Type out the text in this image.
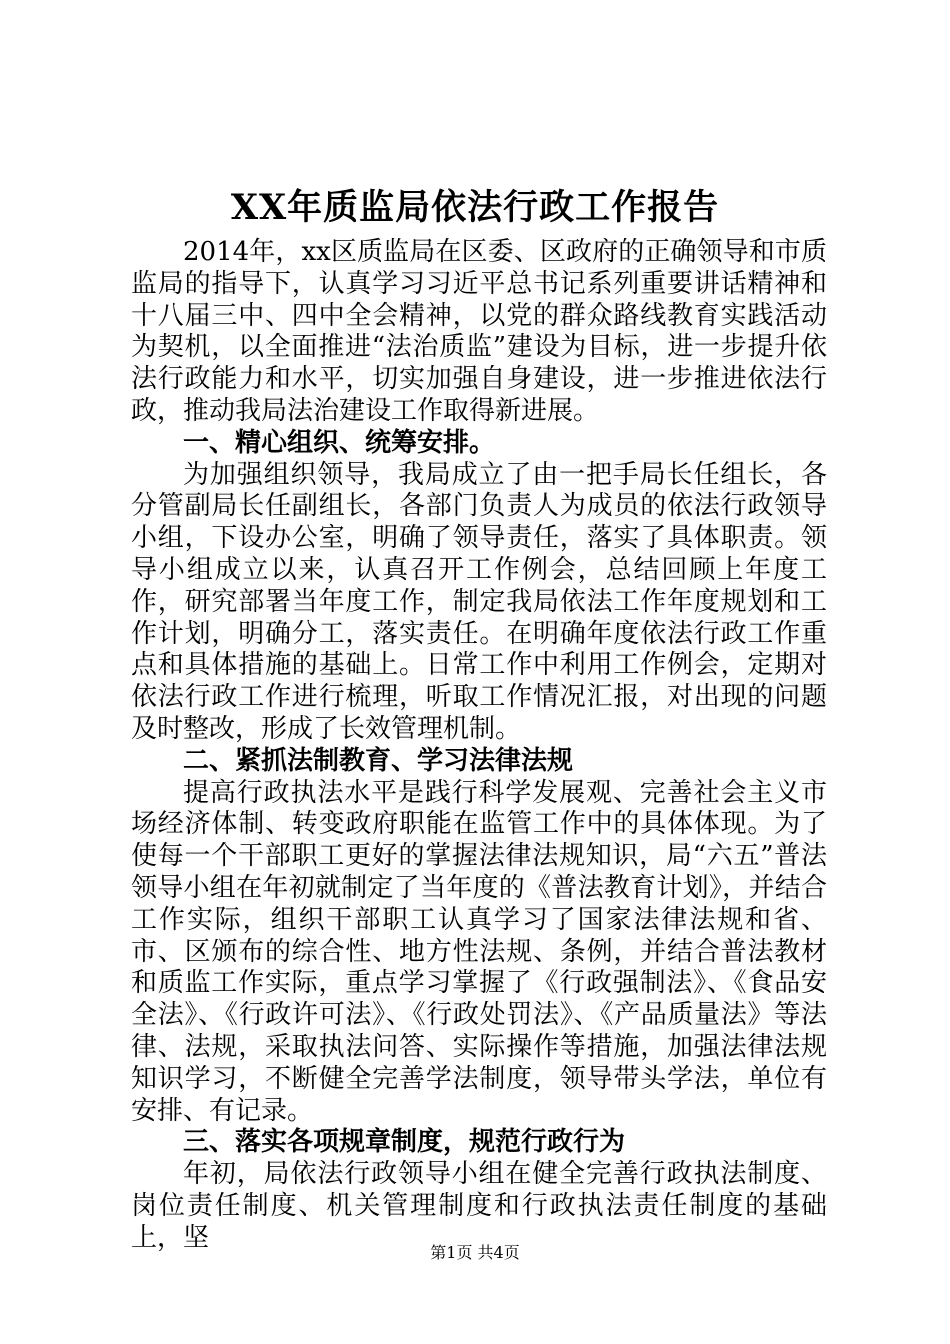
XX年质监局依法行政工作报告

2014年，xx区质监局在区委、区政府的正确领导和市质监局的指导下，认真学习习近平总书记系列重要讲话精神和十八届三中、四中全会精神，以党的群众路线教育实践活动为契机，以全面推进“法治质监”建设为目标，进一步提升依法行政能力和水平，切实加强自身建设，进一步推进依法行政，推动我局法治建设工作取得新进展。

一、精心组织、统筹安排。

为加强组织领导，我局成立了由一把手局长任组长，各分管副局长任副组长，各部门负责人为成员的依法行政领导小组，下设办公室，明确了领导责任，落实了具体职责。领导小组成立以来，认真召开工作例会，总结回顾上年度工作，研究部署当年度工作，制定我局依法工作年度规划和工作计划，明确分工，落实责任。在明确年度依法行政工作重点和具体措施的基础上。日常工作中利用工作例会，定期对依法行政工作进行梳理，听取工作情况汇报，对出现的问题及时整改，形成了长效管理机制。

二、紧抓法制教育、学习法律法规

提高行政执法水平是践行科学发展观、完善社会主义市场经济体制、转变政府职能在监管工作中的具体体现。为了使每一个干部职工更好的掌握法律法规知识，局“六五”普法领导小组在年初就制定了当年度的《普法教育计划》，并结合工作实际，组织干部职工认真学习了国家法律法规和省、市、区颁布的综合性、地方性法规、条例，并结合普法教材和质监工作实际，重点学习掌握了《行政强制法》、《食品安全法》、《行政许可法》、《行政处罚法》、《产品质量法》等法律、法规，采取执法问答、实际操作等措施，加强法律法规知识学习，不断健全完善学法制度，领导带头学法，单位有安排、有记录。

三、落实各项规章制度，规范行政行为

年初，局依法行政领导小组在健全完善行政执法制度、岗位责任制度、机关管理制度和行政执法责任制度的基础上，坚	第1页 共4页
